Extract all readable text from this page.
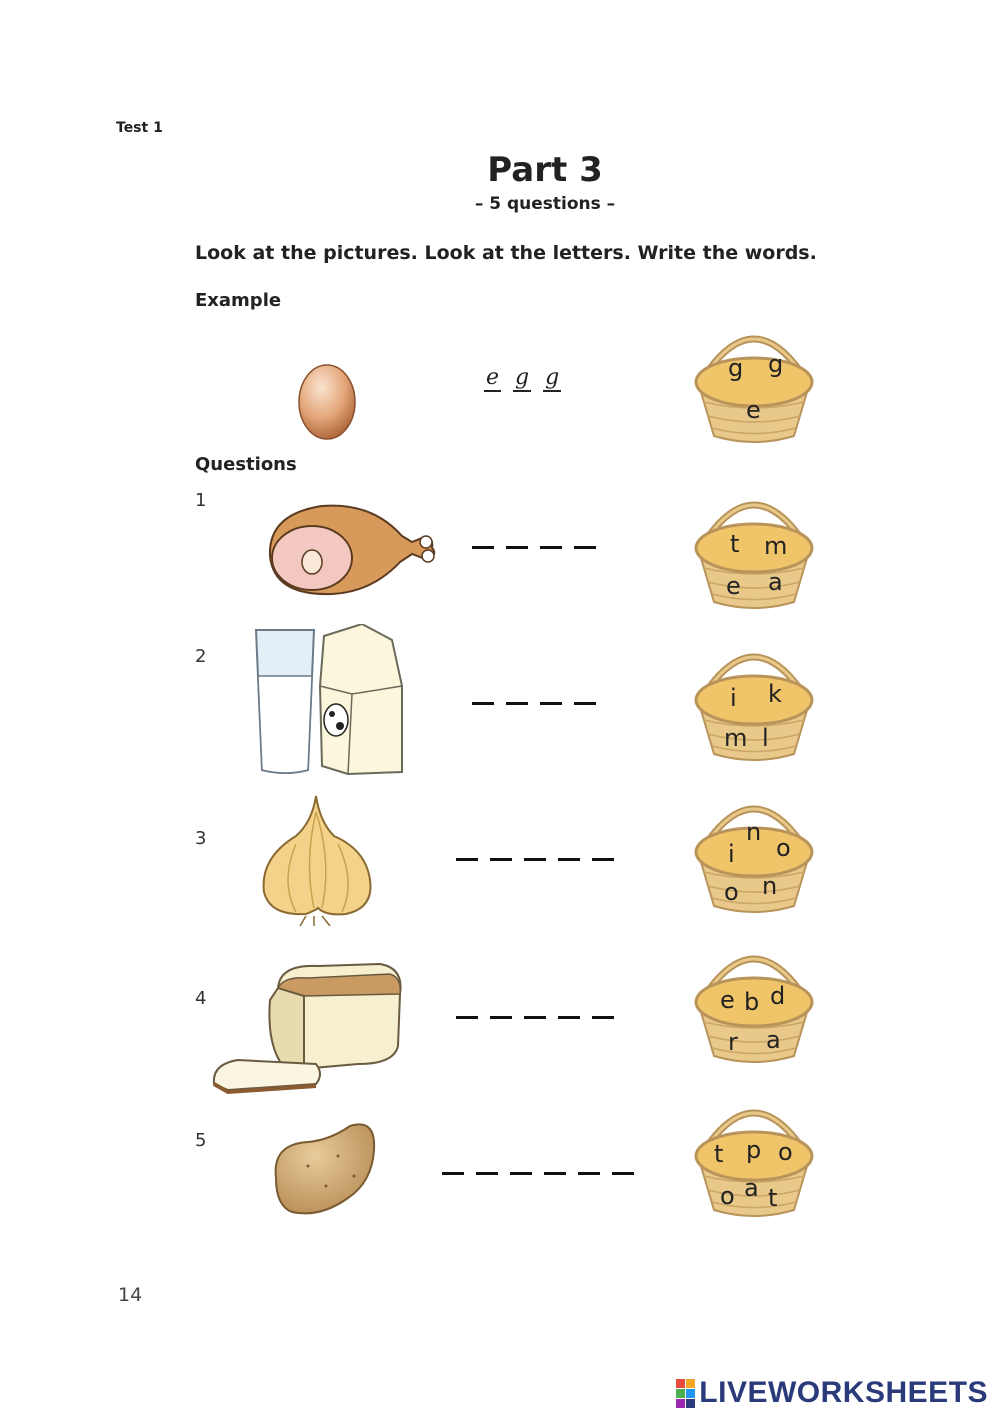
Test 1
Part 3
– 5 questions –
Look at the pictures. Look at the letters. Write the words.
Example
e g g	g g
e
Questions
1
t m
e a
2
i k
m l
3
i
n
o
o n
4	e b d
r a
5	t p o
o a t
14
LIVEWORKSHEETS
